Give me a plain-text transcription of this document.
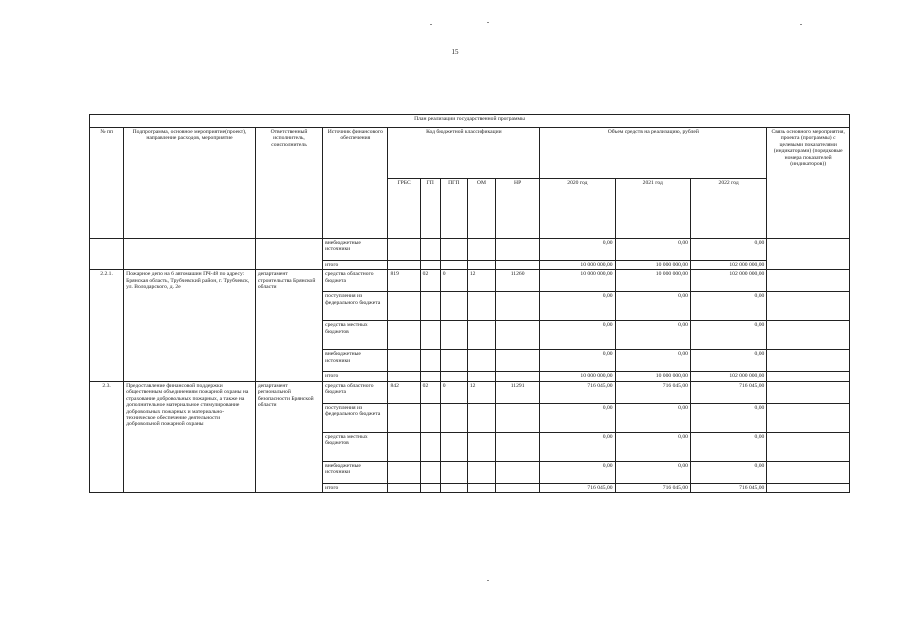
15
План реализации государственной программы												
№ пп	Подпрограмма, основное мероприятие(проект), направление расходов, мероприятие	Ответственный исполнитель, соисполнитель	Источник финансового обеспечения	Код бюджетной классификации					Объем средств на реализацию, рублей			Связь основного мероприятия, проекта (программы) с целевыми показателями (индикаторами) (порядковые номера показателей (индикаторов))
				ГРБС	ГП	ПГП	ОМ	НР	2020 год	2021 год	2022 год	
			внебюджетные источники						0,00	0,00	0,00	
			итого						10 000 000,00	10 000 000,00	102 000 000,00	
2.2.1.	Пожарное депо на 6 автомашин ПЧ-48 по адресу: Брянская область, Трубчевский район, г. Трубчевск, ул. Володарского, д. 2е	департамент строительства Брянской области	средства областного бюджета	819	02	0	12	11260	10 000 000,00	10 000 000,00	102 000 000,00	
			поступления из федерального бюджета						0,00	0,00	0,00	
			средства местных бюджетов						0,00	0,00	0,00	
			внебюджетные источники						0,00	0,00	0,00	
			итого						10 000 000,00	10 000 000,00	102 000 000,00	
2.3.	Предоставление финансовой поддержки общественным объединениям пожарной охраны на страхование добровольных пожарных, а также на дополнительное материальное стимулирование добровольных пожарных и материально-техническое обеспечение деятельности добровольной пожарной охраны	департамент региональной безопасности Брянской области	средства областного бюджета	842	02	0	12	11291	716 045,00	716 045,00	716 045,00	
			поступления из федерального бюджета						0,00	0,00	0,00	
			средства местных бюджетов						0,00	0,00	0,00	
			внебюджетные источники						0,00	0,00	0,00	
			итого						716 045,00	716 045,00	716 045,00	
